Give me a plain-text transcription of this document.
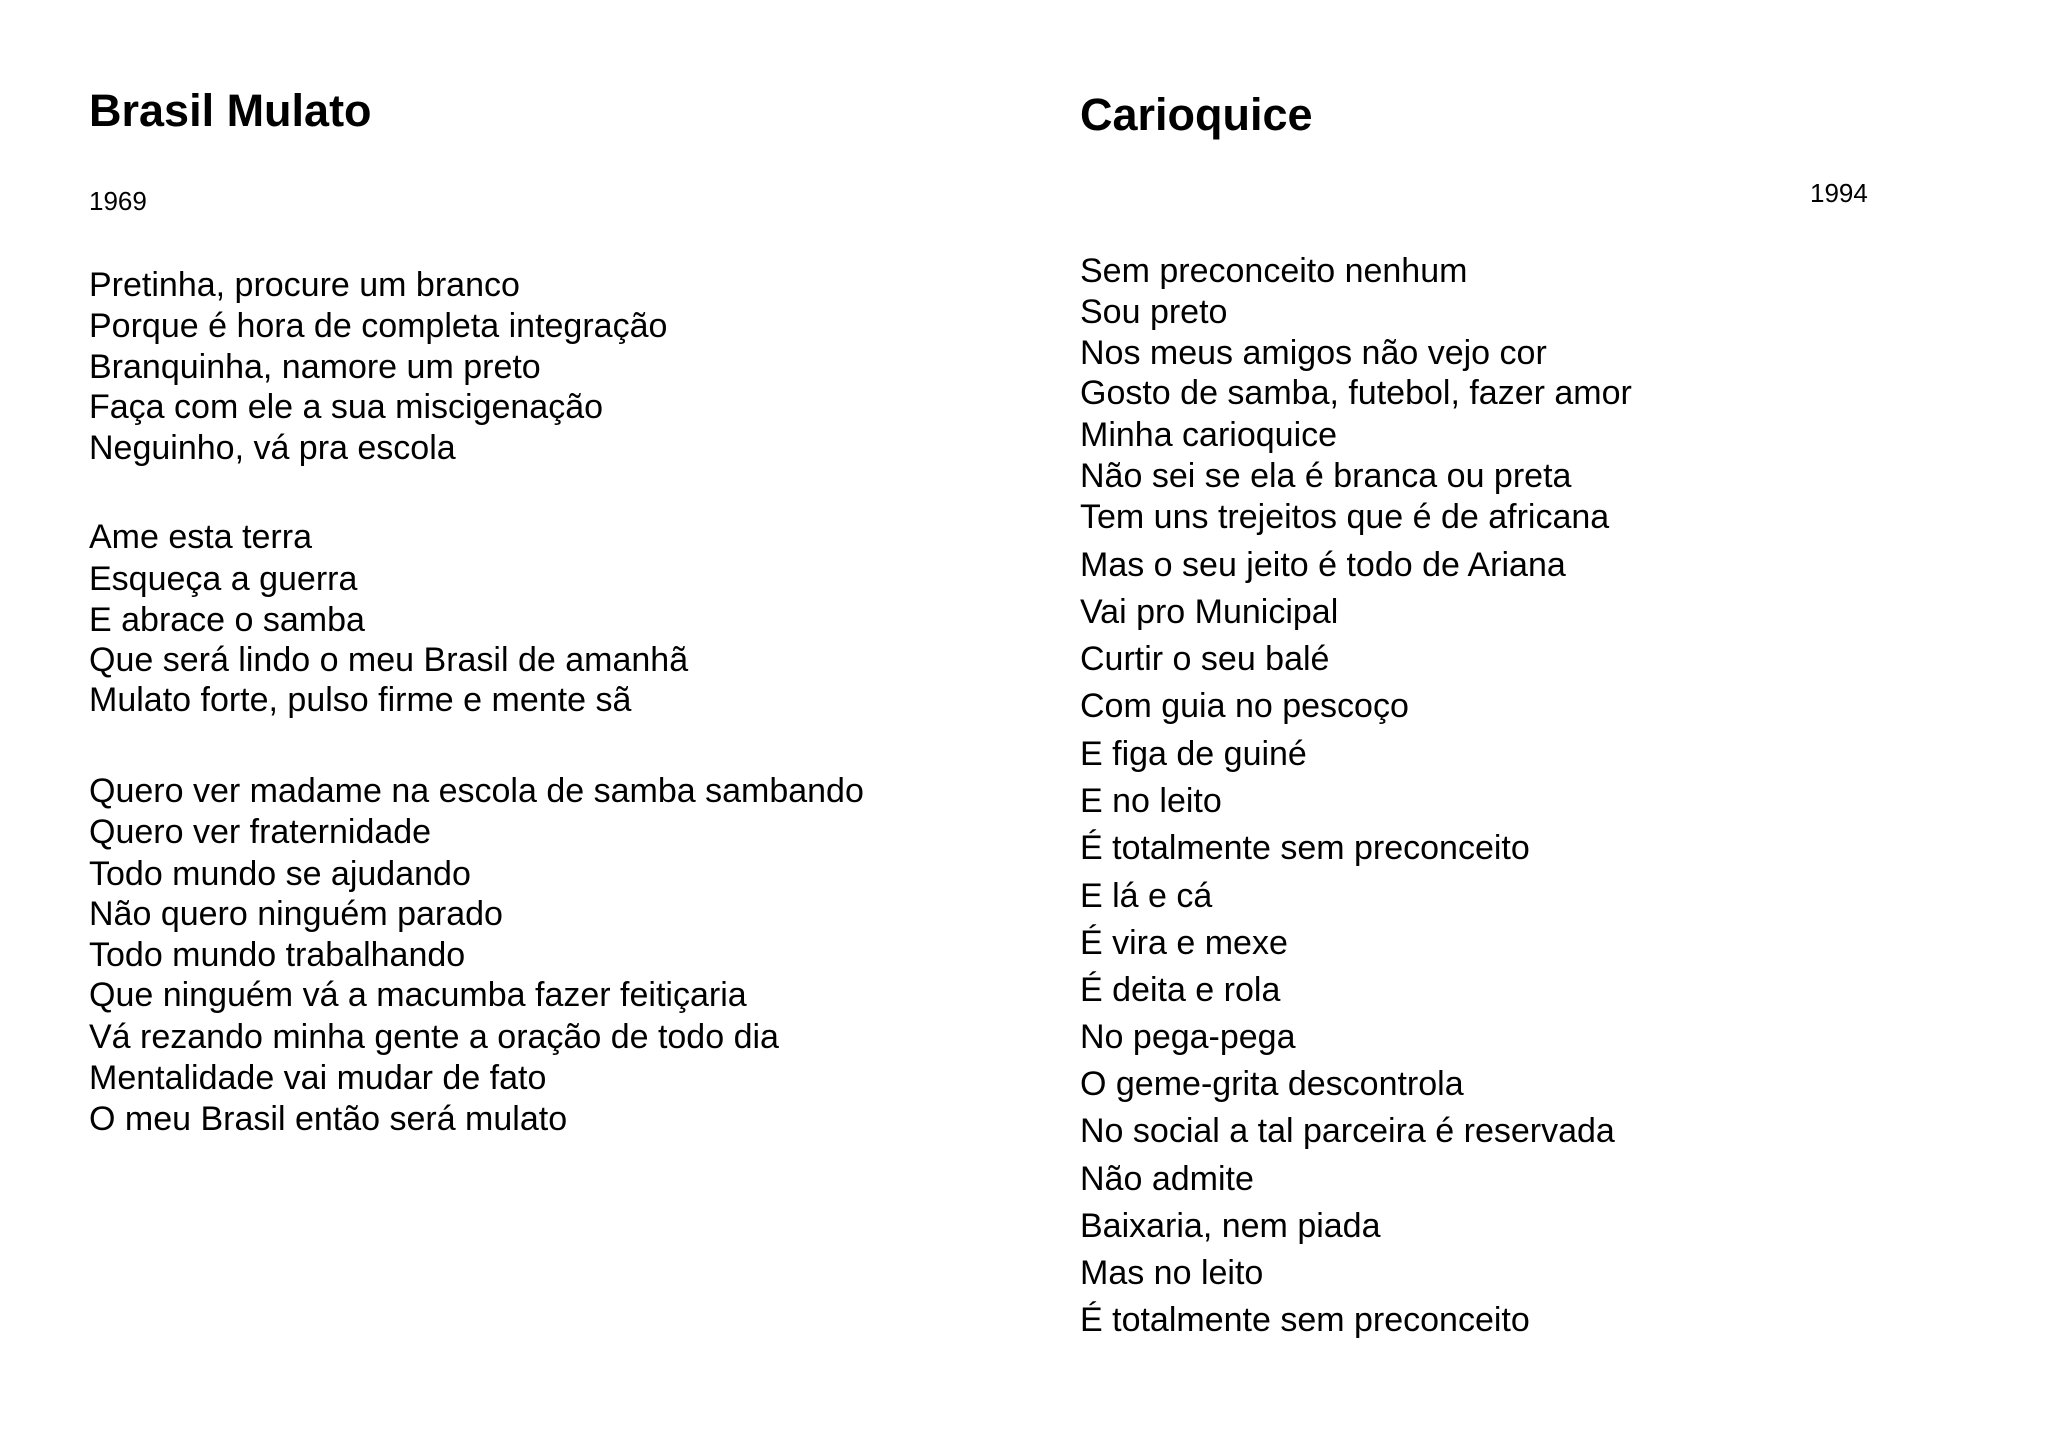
Brasil Mulato
1969
Pretinha, procure um branco
Porque é hora de completa integração
Branquinha, namore um preto
Faça com ele a sua miscigenação
Neguinho, vá pra escola
Ame esta terra
Esqueça a guerra
E abrace o samba
Que será lindo o meu Brasil de amanhã
Mulato forte, pulso firme e mente sã
Quero ver madame na escola de samba sambando
Quero ver fraternidade
Todo mundo se ajudando
Não quero ninguém parado
Todo mundo trabalhando
Que ninguém vá a macumba fazer feitiçaria
Vá rezando minha gente a oração de todo dia
Mentalidade vai mudar de fato
O meu Brasil então será mulato
Carioquice
1994
Sem preconceito nenhum
Sou preto
Nos meus amigos não vejo cor
Gosto de samba, futebol, fazer amor
Minha carioquice
Não sei se ela é branca ou preta
Tem uns trejeitos que é de africana
Mas o seu jeito é todo de Ariana
Vai pro Municipal
Curtir o seu balé
Com guia no pescoço
E figa de guiné
E no leito
É totalmente sem preconceito
E lá e cá
É vira e mexe
É deita e rola
No pega-pega
O geme-grita descontrola
No social a tal parceira é reservada
Não admite
Baixaria, nem piada
Mas no leito
É totalmente sem preconceito
